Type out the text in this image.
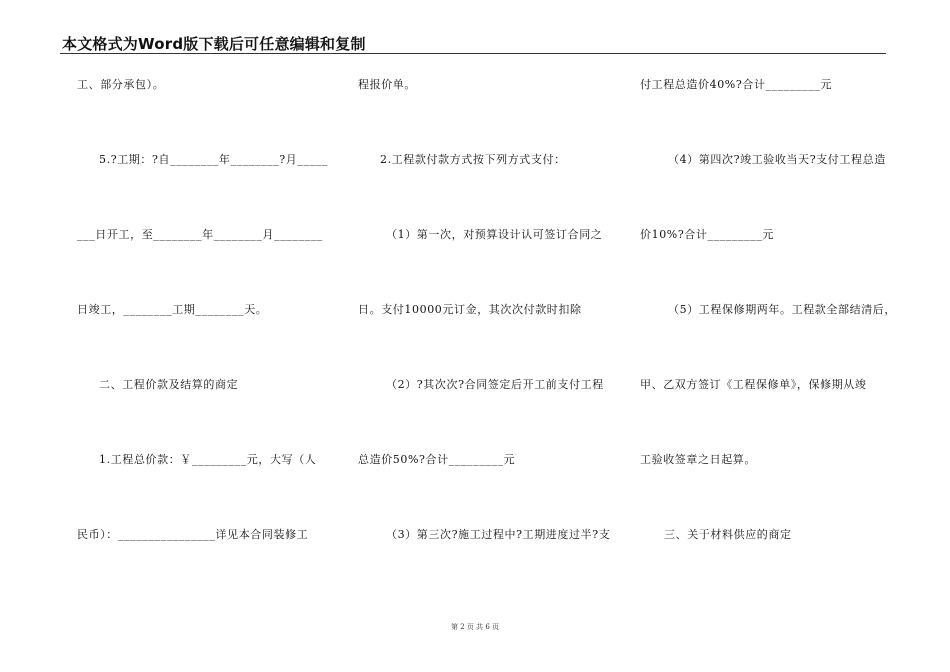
本文格式为Word版下载后可任意编辑和复制
工、部分承包）。
5.?工期：?自________年________?月_____
___日开工，至________年________月________
日竣工，________工期________天。
二、工程价款及结算的商定
1.工程总价款：￥_________元，大写（人
民币）：________________详见本合同装修工
程报价单。
2.工程款付款方式按下列方式支付：
（1）第一次，对预算设计认可签订合同之
日。支付10000元订金，其次次付款时扣除
（2）?其次次?合同签定后开工前支付工程
总造价50%?合计_________元
（3）第三次?施工过程中?工期进度过半?支
付工程总造价40%?合计_________元
（4）第四次?竣工验收当天?支付工程总造
价10%?合计_________元
（5）工程保修期两年。工程款全部结清后，
甲、乙双方签订《工程保修单》，保修期从竣
工验收签章之日起算。
三、关于材料供应的商定
第 2 页 共 6 页
